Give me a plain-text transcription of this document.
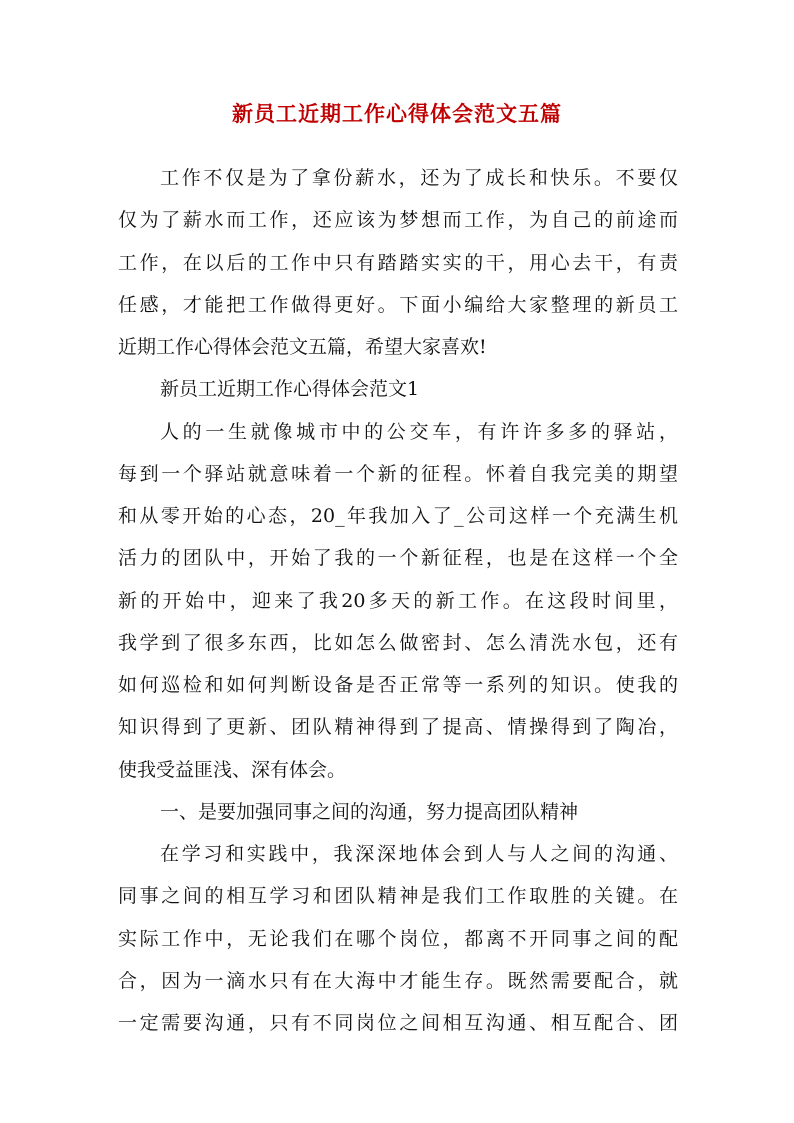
新员工近期工作心得体会范文五篇
工作不仅是为了拿份薪水，还为了成长和快乐。不要仅
仅为了薪水而工作，还应该为梦想而工作，为自己的前途而
工作，在以后的工作中只有踏踏实实的干，用心去干，有责
任感，才能把工作做得更好。下面小编给大家整理的新员工
近期工作心得体会范文五篇，希望大家喜欢!
新员工近期工作心得体会范文1
人的一生就像城市中的公交车，有许许多多的驿站，
每到一个驿站就意味着一个新的征程。怀着自我完美的期望
和从零开始的心态，20_年我加入了_公司这样一个充满生机
活力的团队中，开始了我的一个新征程，也是在这样一个全
新的开始中，迎来了我20多天的新工作。在这段时间里，
我学到了很多东西，比如怎么做密封、怎么清洗水包，还有
如何巡检和如何判断设备是否正常等一系列的知识。使我的
知识得到了更新、团队精神得到了提高、情操得到了陶冶，
使我受益匪浅、深有体会。
一、是要加强同事之间的沟通，努力提高团队精神
在学习和实践中，我深深地体会到人与人之间的沟通、
同事之间的相互学习和团队精神是我们工作取胜的关键。在
实际工作中，无论我们在哪个岗位，都离不开同事之间的配
合，因为一滴水只有在大海中才能生存。既然需要配合，就
一定需要沟通，只有不同岗位之间相互沟通、相互配合、团
